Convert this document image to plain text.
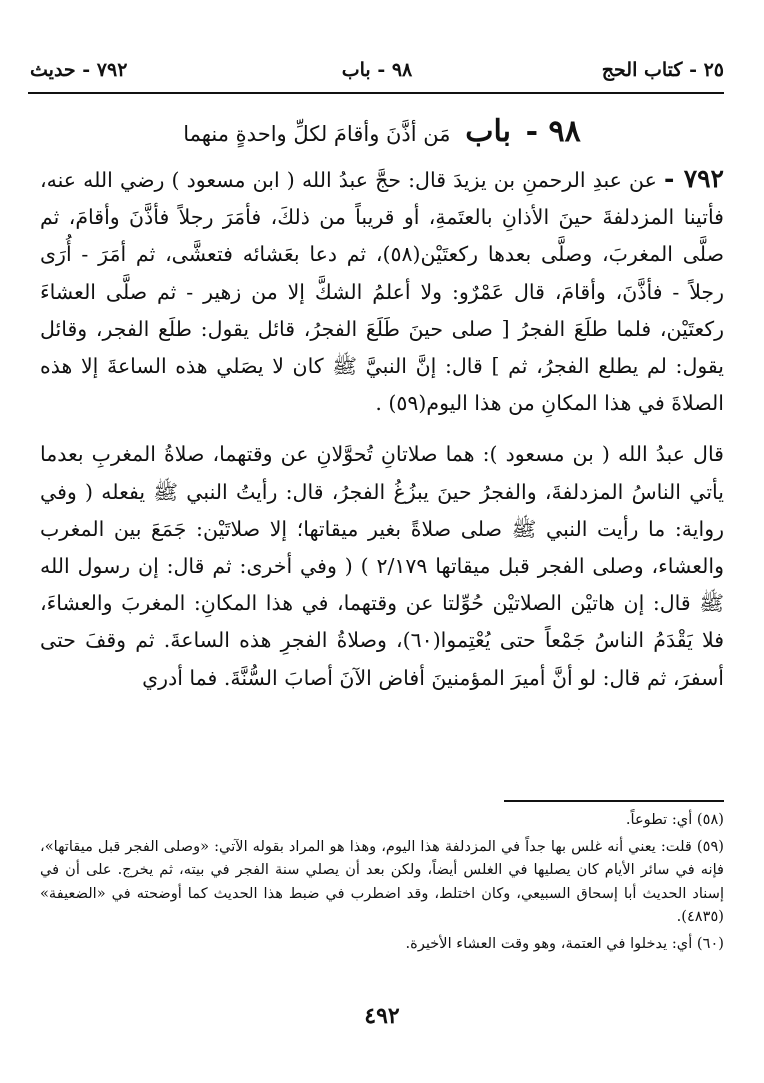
٢٥ - كتاب الحج
٩٨ - باب
٧٩٢ - حديث
٩٨ - باب مَن أذَّنَ وأقامَ لكلِّ واحدةٍ منهما

٧٩٢ - عن عبدِ الرحمنِ بن يزيدَ قال: حجَّ عبدُ الله ( ابن مسعود ) رضي الله عنه، فأتينا المزدلفةَ حينَ الأذانِ بالعتَمةِ، أو قريباً من ذلكَ، فأمَرَ رجلاً فأذَّنَ وأقامَ، ثم صلَّى المغربَ، وصلَّى بعدها ركعتَيْن(٥٨)، ثم دعا بعَشائه فتعشَّى، ثم أمَرَ - أُرَى رجلاً - فأذَّنَ، وأقامَ، قال عَمْرٌو: ولا أعلمُ الشكَّ إلا من زهير - ثم صلَّى العشاءَ ركعتَيْن، فلما طلَعَ الفجرُ [ صلى حينَ طَلَعَ الفجرُ، قائل يقول: طلَع الفجر، وقائل يقول: لم يطلع الفجرُ، ثم ] قال: إنَّ النبيَّ ﷺ كان لا يصَلي هذه الساعةَ إلا هذه الصلاةَ في هذا المكانِ من هذا اليوم(٥٩) .

قال عبدُ الله ( بن مسعود ): هما صلاتانِ تُحوَّلانِ عن وقتهما، صلاةُ المغربِ بعدما يأتي الناسُ المزدلفةَ، والفجرُ حينَ يبزُغُ الفجرُ، قال: رأيتُ النبي ﷺ يفعله ( وفي رواية: ما رأيت النبي ﷺ صلى صلاةً بغير ميقاتها؛ إلا صلاتَيْن: جَمَعَ بين المغرب والعشاء، وصلى الفجر قبل ميقاتها ٢/١٧٩ ) ( وفي أخرى: ثم قال: إن رسول الله ﷺ قال: إن هاتيْن الصلاتيْن حُوِّلتا عن وقتهما، في هذا المكانِ: المغربَ والعشاءَ، فلا يَقْدَمُ الناسُ جَمْعاً حتى يُعْتِموا(٦٠)، وصلاةُ الفجرِ هذه الساعةَ. ثم وقفَ حتى أسفرَ، ثم قال: لو أنَّ أميرَ المؤمنينَ أفاض الآنَ أصابَ السُّنَّةَ. فما أدري

(٥٨) أي: تطوعاً.

(٥٩) قلت: يعني أنه غلس بها جداً في المزدلفة هذا اليوم، وهذا هو المراد بقوله الآتي: «وصلى الفجر قبل ميقاتها»، فإنه في سائر الأيام كان يصليها في الغلس أيضاً، ولكن بعد أن يصلي سنة الفجر في بيته، ثم يخرج. على أن في إسناد الحديث أبا إسحاق السبيعي، وكان اختلط، وقد اضطرب في ضبط هذا الحديث كما أوضحته في «الضعيفة» (٤٨٣٥).

(٦٠) أي: يدخلوا في العتمة، وهو وقت العشاء الأخيرة.

٤٩٢
